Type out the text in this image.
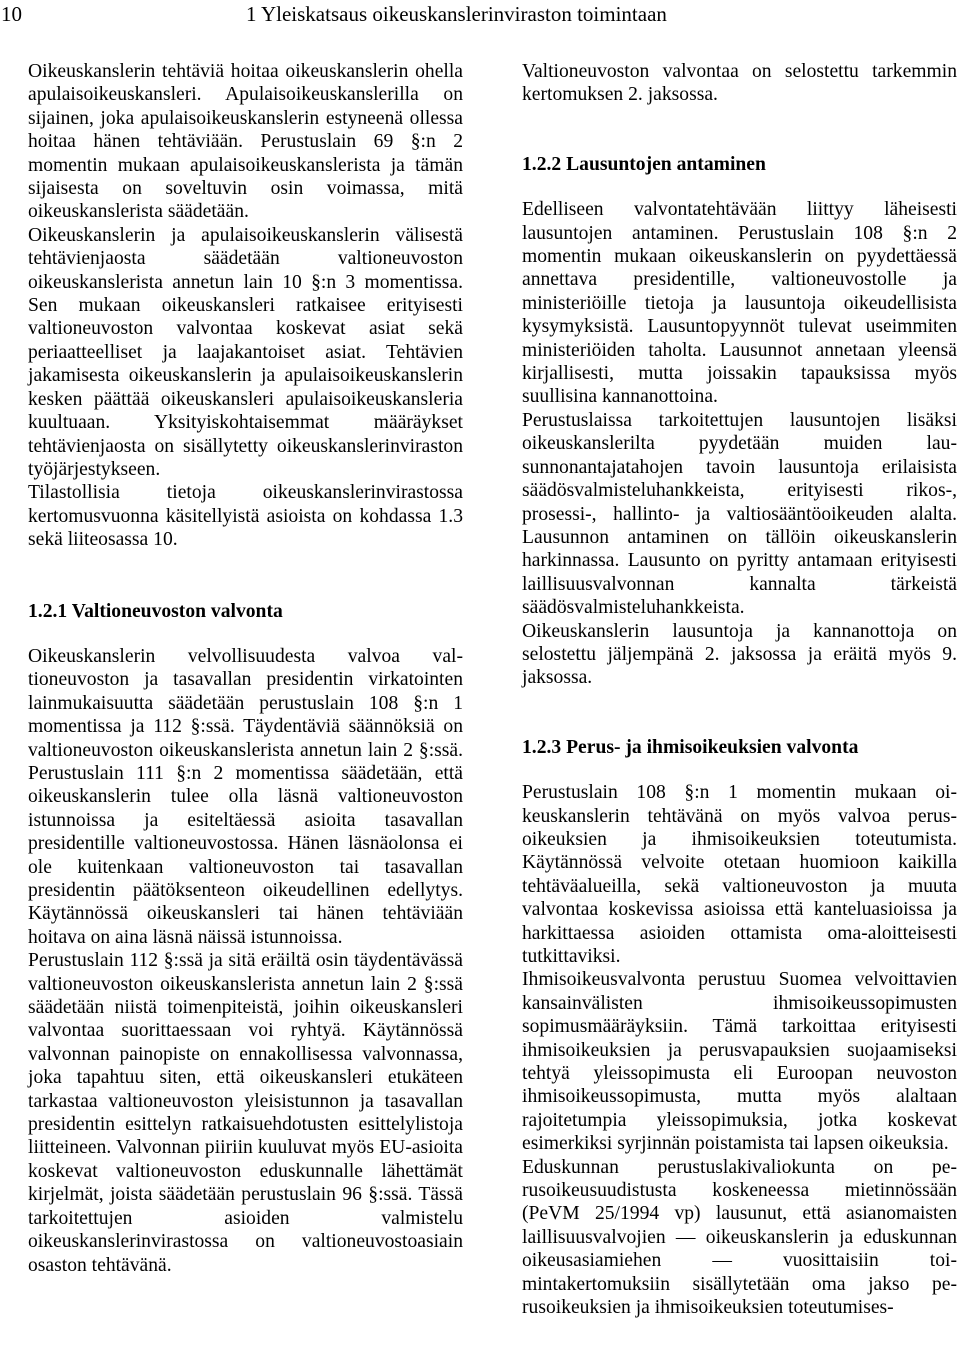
10	1 Yleiskatsaus oikeuskanslerinviraston toimintaan

Oikeuskanslerin tehtäviä hoitaa oikeuskanslerin ohella apulaisoikeuskansleri. Apulaisoikeuskanslerilla on sijainen, joka apulaisoikeuskanslerin estyneenä ollessa hoitaa hänen tehtäviään. Perustuslain 69 §:n 2 momentin mukaan apulaisoikeuskanslerista ja tämän sijaisesta on soveltuvin osin voimassa, mitä oikeuskanslerista säädetään.

Oikeuskanslerin ja apulaisoikeuskanslerin välisestä tehtävienjaosta säädetään valtioneuvoston oikeuskanslerista annetun lain 10 §:n 3 momentissa. Sen mukaan oikeuskansleri ratkaisee erityisesti valtioneuvoston valvontaa koskevat asiat sekä periaatteelliset ja laajakantoiset asiat. Tehtävien jakamisesta oikeuskanslerin ja apulaisoikeuskanslerin kesken päättää oikeuskansleri apulaisoikeuskansleria kuultuaan. Yksityiskohtaisemmat määräykset tehtävienjaosta on sisällytetty oikeuskanslerinviraston työjärjestykseen.

Tilastollisia tietoja oikeuskanslerinvirastossa kertomusvuonna käsitellyistä asioista on kohdassa 1.3 sekä liiteosassa 10.

1.2.1 Valtioneuvoston valvonta

Oikeuskanslerin velvollisuudesta valvoa valtioneuvoston ja tasavallan presidentin virkatointen lainmukaisuutta säädetään perustuslain 108 §:n 1 momentissa ja 112 §:ssä. Täydentäviä säännöksiä on valtioneuvoston oikeuskanslerista annetun lain 2 §:ssä. Perustuslain 111 §:n 2 momentissa säädetään, että oikeuskanslerin tulee olla läsnä valtioneuvoston istunnoissa ja esiteltäessä asioita tasavallan presidentille valtioneuvostossa. Hänen läsnäolonsa ei ole kuitenkaan valtioneuvoston tai tasavallan presidentin päätöksenteon oikeudellinen edellytys. Käytännössä oikeuskansleri tai hänen tehtäviään hoitava on aina läsnä näissä istunnoissa.

Perustuslain 112 §:ssä ja sitä eräiltä osin täydentävässä valtioneuvoston oikeuskanslerista annetun lain 2 §:ssä säädetään niistä toimenpiteistä, joihin oikeuskansleri valvontaa suorittaessaan voi ryhtyä. Käytännössä valvonnan painopiste on ennakollisessa valvonnassa, joka tapahtuu siten, että oikeuskansleri etukäteen tarkastaa valtioneuvoston yleisistunnon ja tasavallan presidentin esittelyn ratkaisuehdotusten esittelylistoja liitteineen. Valvonnan piiriin kuuluvat myös EU-asioita koskevat valtioneuvoston eduskunnalle lähettämät kirjelmät, joista säädetään perustuslain 96 §:ssä. Tässä tarkoitettujen asioiden valmistelu oikeuskanslerinvirastossa on valtioneuvostoasiain osaston tehtävänä.

Valtioneuvoston valvontaa on selostettu tarkemmin kertomuksen 2. jaksossa.

1.2.2 Lausuntojen antaminen

Edelliseen valvontatehtävään liittyy läheisesti lausuntojen antaminen. Perustuslain 108 §:n 2 momentin mukaan oikeuskanslerin on pyydettäessä annettava presidentille, valtioneuvostolle ja ministeriöille tietoja ja lausuntoja oikeudellisista kysymyksistä. Lausuntopyynnöt tulevat useimmiten ministeriöiden taholta. Lausunnot annetaan yleensä kirjallisesti, mutta joissakin tapauksissa myös suullisina kannanottoina.

Perustuslaissa tarkoitettujen lausuntojen lisäksi oikeuskanslerilta pyydetään muiden lausunnonantajatahojen tavoin lausuntoja erilaisista säädösvalmisteluhankkeista, erityisesti rikos-, prosessi-, hallinto- ja valtiosääntöoikeuden alalta. Lausunnon antaminen on tällöin oikeuskanslerin harkinnassa. Lausunto on pyritty antamaan erityisesti laillisuusvalvonnan kannalta tärkeistä säädösvalmisteluhankkeista.

Oikeuskanslerin lausuntoja ja kannanottoja on selostettu jäljempänä 2. jaksossa ja eräitä myös 9. jaksossa.

1.2.3 Perus- ja ihmisoikeuksien valvonta

Perustuslain 108 §:n 1 momentin mukaan oikeuskanslerin tehtävänä on myös valvoa perus- oikeuksien ja ihmisoikeuksien toteutumista. Käytännössä velvoite otetaan huomioon kaikilla tehtäväalueilla, sekä valtioneuvoston ja muuta valvontaa koskevissa asioissa että kanteluasioissa ja harkittaessa asioiden ottamista oma-aloitteisesti tutkittaviksi.

Ihmisoikeusvalvonta perustuu Suomea velvoittavien kansainvälisten ihmisoikeussopimusten sopimusmääräyksiin. Tämä tarkoittaa erityisesti ihmisoikeuksien ja perusvapauksien suojaamiseksi tehtyä yleissopimusta eli Euroopan neuvoston ihmisoikeussopimusta, mutta myös alaltaan rajoitetumpia yleissopimuksia, jotka koskevat esimerkiksi syrjinnän poistamista tai lapsen oikeuksia.

Eduskunnan perustuslakivaliokunta on perusoikeusuudistusta koskeneessa mietinnössään (PeVM 25/1994 vp) lausunut, että asianomaisten laillisuusvalvojien — oikeuskanslerin ja eduskunnan oikeusasiamiehen — vuosittaisiin toimintakertomuksiin sisällytetään oma jakso perusoikeuksien ja ihmisoikeuksien toteutumises-
